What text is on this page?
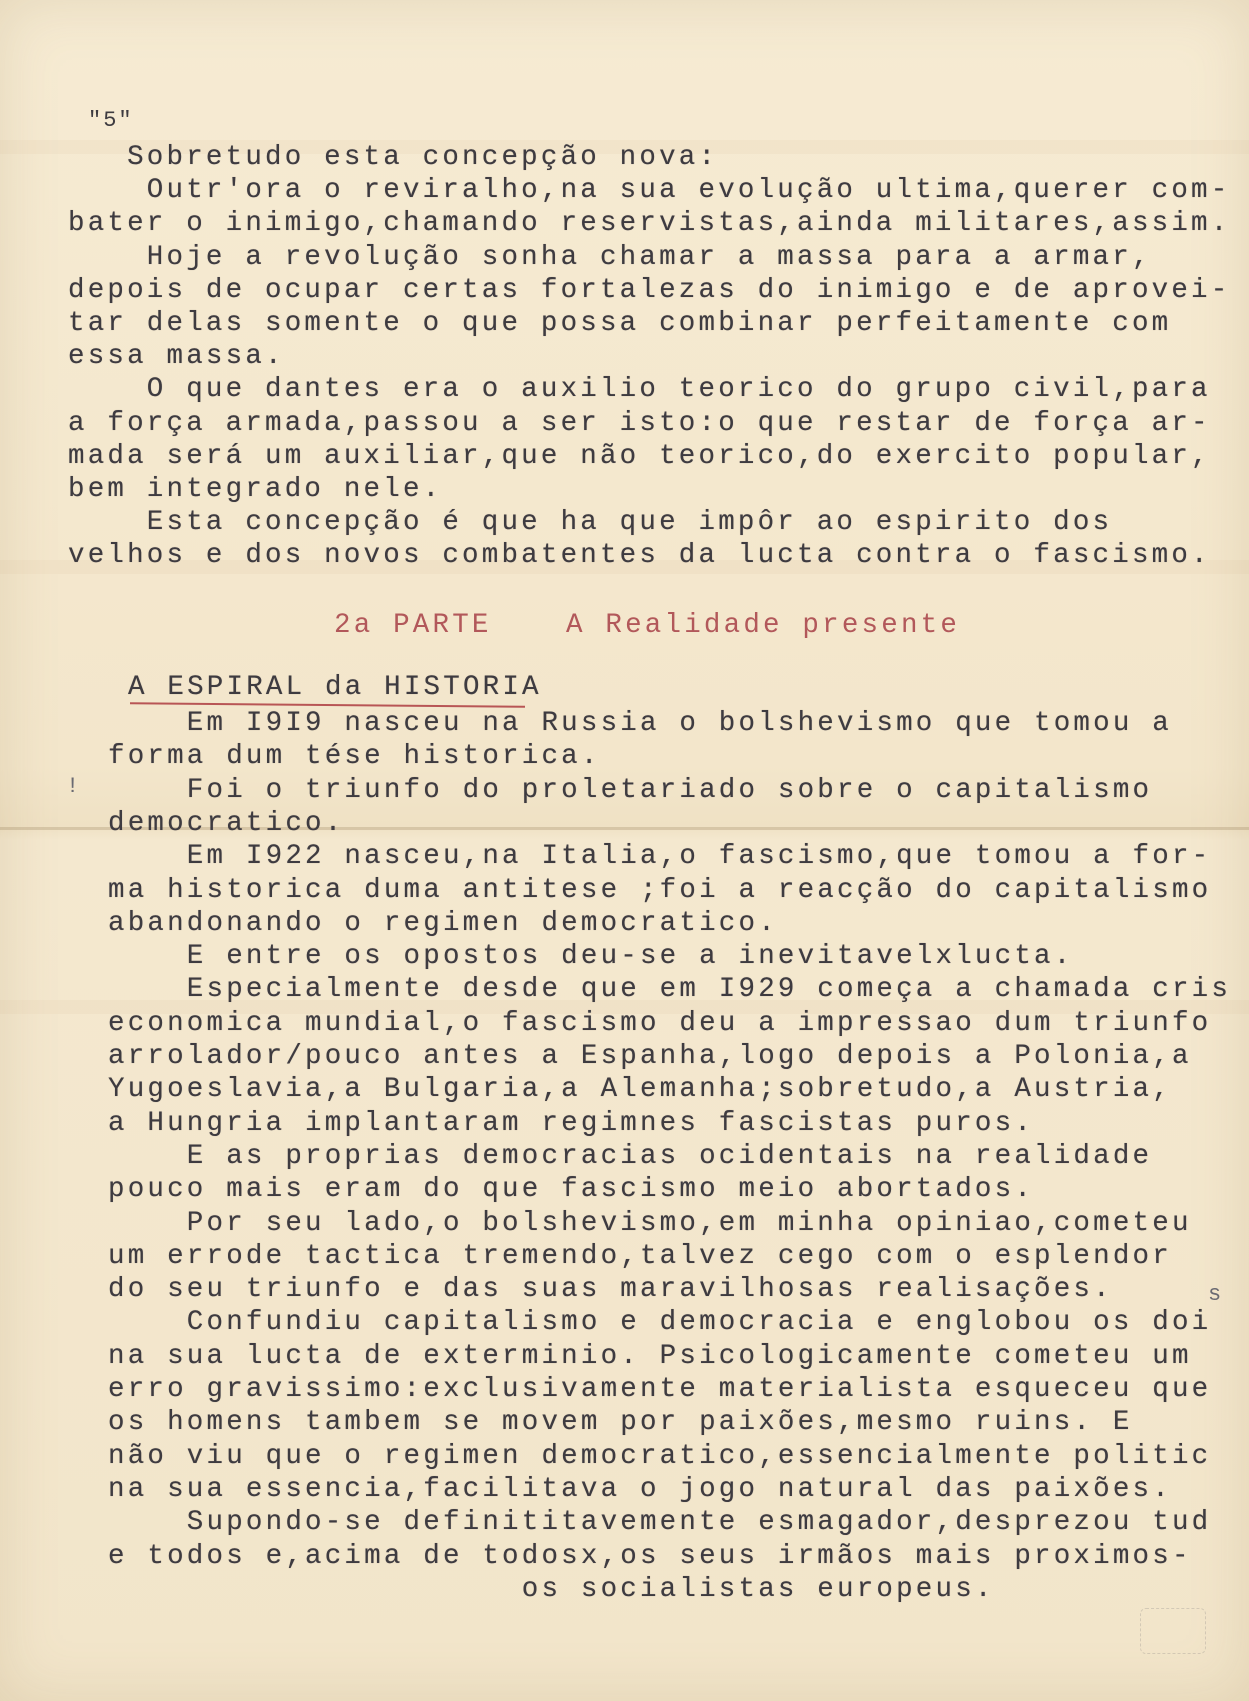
"5"
Sobretudo esta concepção nova:
Outr'ora o reviralho,na sua evolução ultima,querer com-
bater o inimigo,chamando reservistas,ainda militares,assim.
Hoje a revolução sonha chamar a massa para a armar,
depois de ocupar certas fortalezas do inimigo e de aprovei-
tar delas somente o que possa combinar perfeitamente com
essa massa.
O que dantes era o auxilio teorico do grupo civil,para
a força armada,passou a ser isto:o que restar de força ar-
mada será um auxiliar,que não teorico,do exercito popular,
bem integrado nele.
Esta concepção é que ha que impôr ao espirito dos
velhos e dos novos combatentes da lucta contra o fascismo.
2a PARTE	A Realidade presente
A ESPIRAL da HISTORIA
Em I9I9 nasceu na Russia o bolshevismo que tomou a
forma dum tése historica.
Foi o triunfo do proletariado sobre o capitalismo
democratico.
Em I922 nasceu,na Italia,o fascismo,que tomou a for-
ma historica duma antitese ;foi a reacção do capitalismo
abandonando o regimen democratico.
E entre os opostos deu-se a inevitavelxlucta.
Especialmente desde que em I929 começa a chamada cris
economica mundial,o fascismo deu a impressao dum triunfo
arrolador/pouco antes a Espanha,logo depois a Polonia,a
Yugoeslavia,a Bulgaria,a Alemanha;sobretudo,a Austria,
a Hungria implantaram regimnes fascistas puros.
E as proprias democracias ocidentais na realidade
pouco mais eram do que fascismo meio abortados.
Por seu lado,o bolshevismo,em minha opiniao,cometeu
um errode tactica tremendo,talvez cego com o esplendor
do seu triunfo e das suas maravilhosas realisações.
Confundiu capitalismo e democracia e englobou os doi
na sua lucta de exterminio. Psicologicamente cometeu um
erro gravissimo:exclusivamente materialista esqueceu que
os homens tambem se movem por paixões,mesmo ruins. E
não viu que o regimen democratico,essencialmente politic
na sua essencia,facilitava o jogo natural das paixões.
Supondo-se definititavemente esmagador,desprezou tud
e todos e,acima de todosx,os seus irmãos mais proximos-
os socialistas europeus.
!
s
